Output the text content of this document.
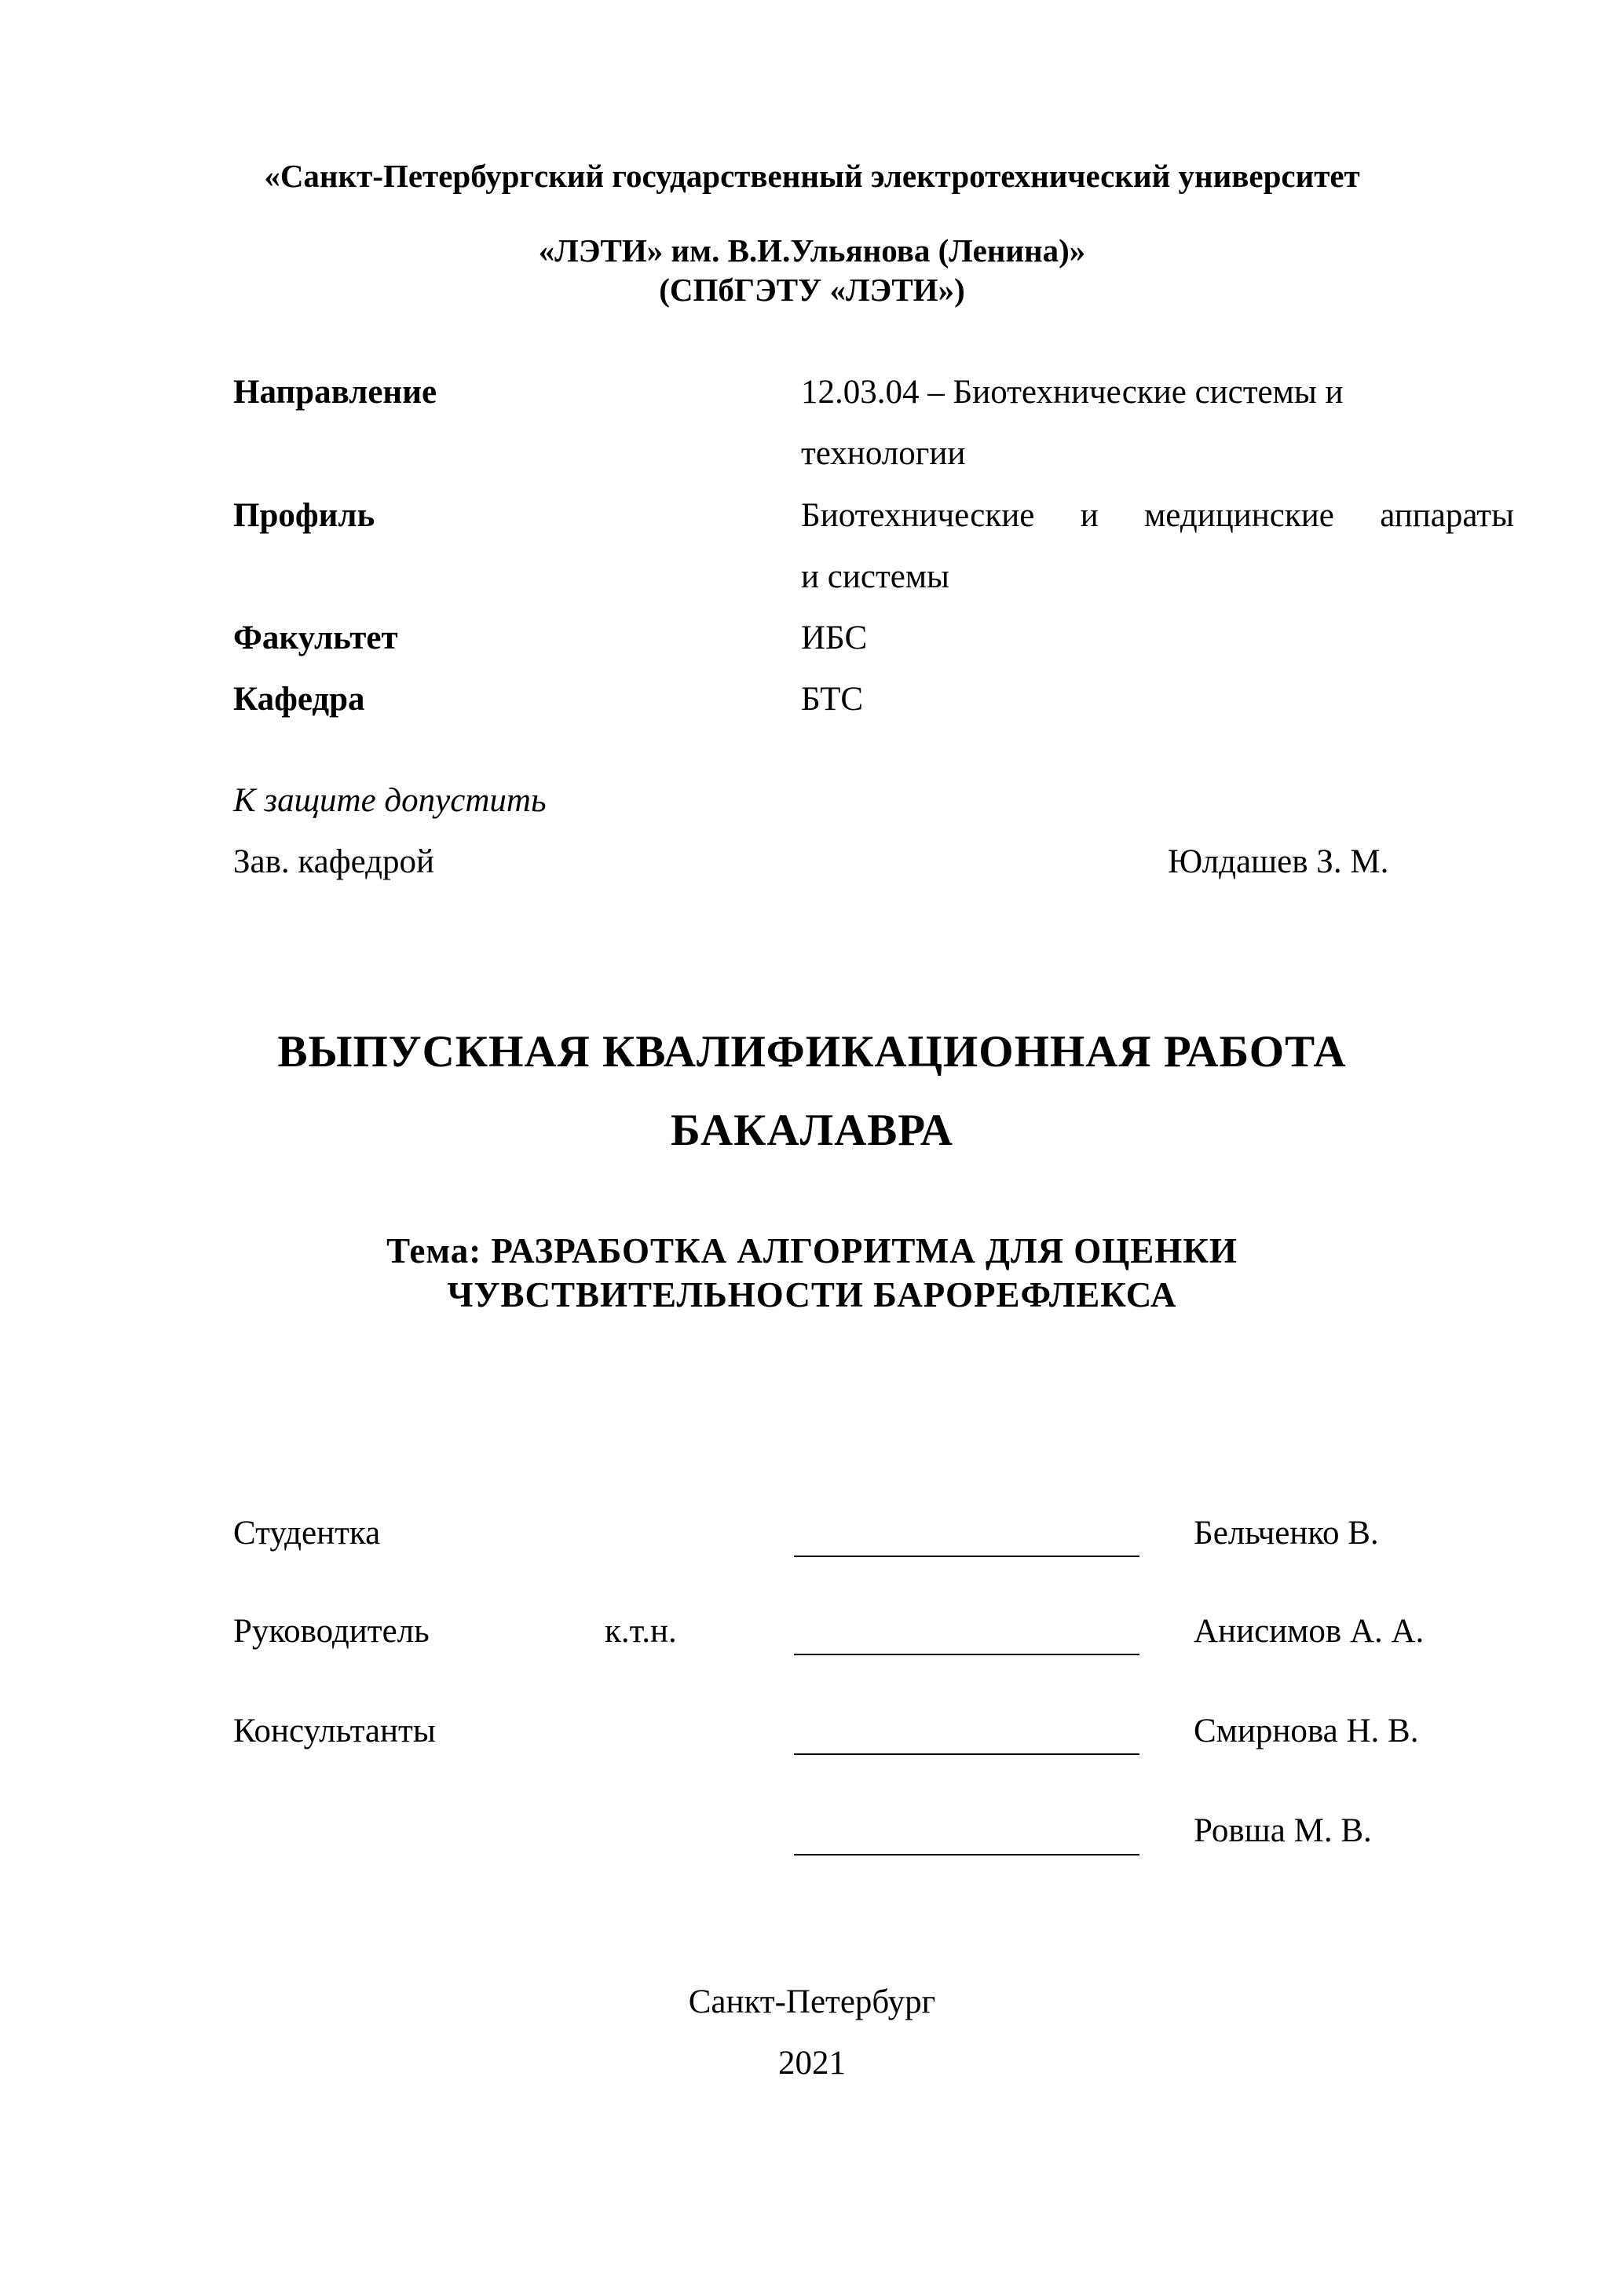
«Санкт-Петербургский государственный электротехнический университет
«ЛЭТИ» им. В.И.Ульянова (Ленина)»
(СПбГЭТУ «ЛЭТИ»)
Направление	12.03.04 – Биотехнические системы и
технологии
Профиль	Биотехнические и медицинские аппараты
и системы
Факультет	ИБС
Кафедра	БТС
К защите допустить
Зав. кафедрой	Юлдашев З. М.
ВЫПУСКНАЯ КВАЛИФИКАЦИОННАЯ РАБОТА
БАКАЛАВРА
Тема: РАЗРАБОТКА АЛГОРИТМА ДЛЯ ОЦЕНКИ
ЧУВСТВИТЕЛЬНОСТИ БАРОРЕФЛЕКСА
Студентка	Бельченко В.
Руководитель	к.т.н.	Анисимов А. А.
Консультанты	Смирнова Н. В.
Ровша М. В.
Санкт-Петербург
2021
